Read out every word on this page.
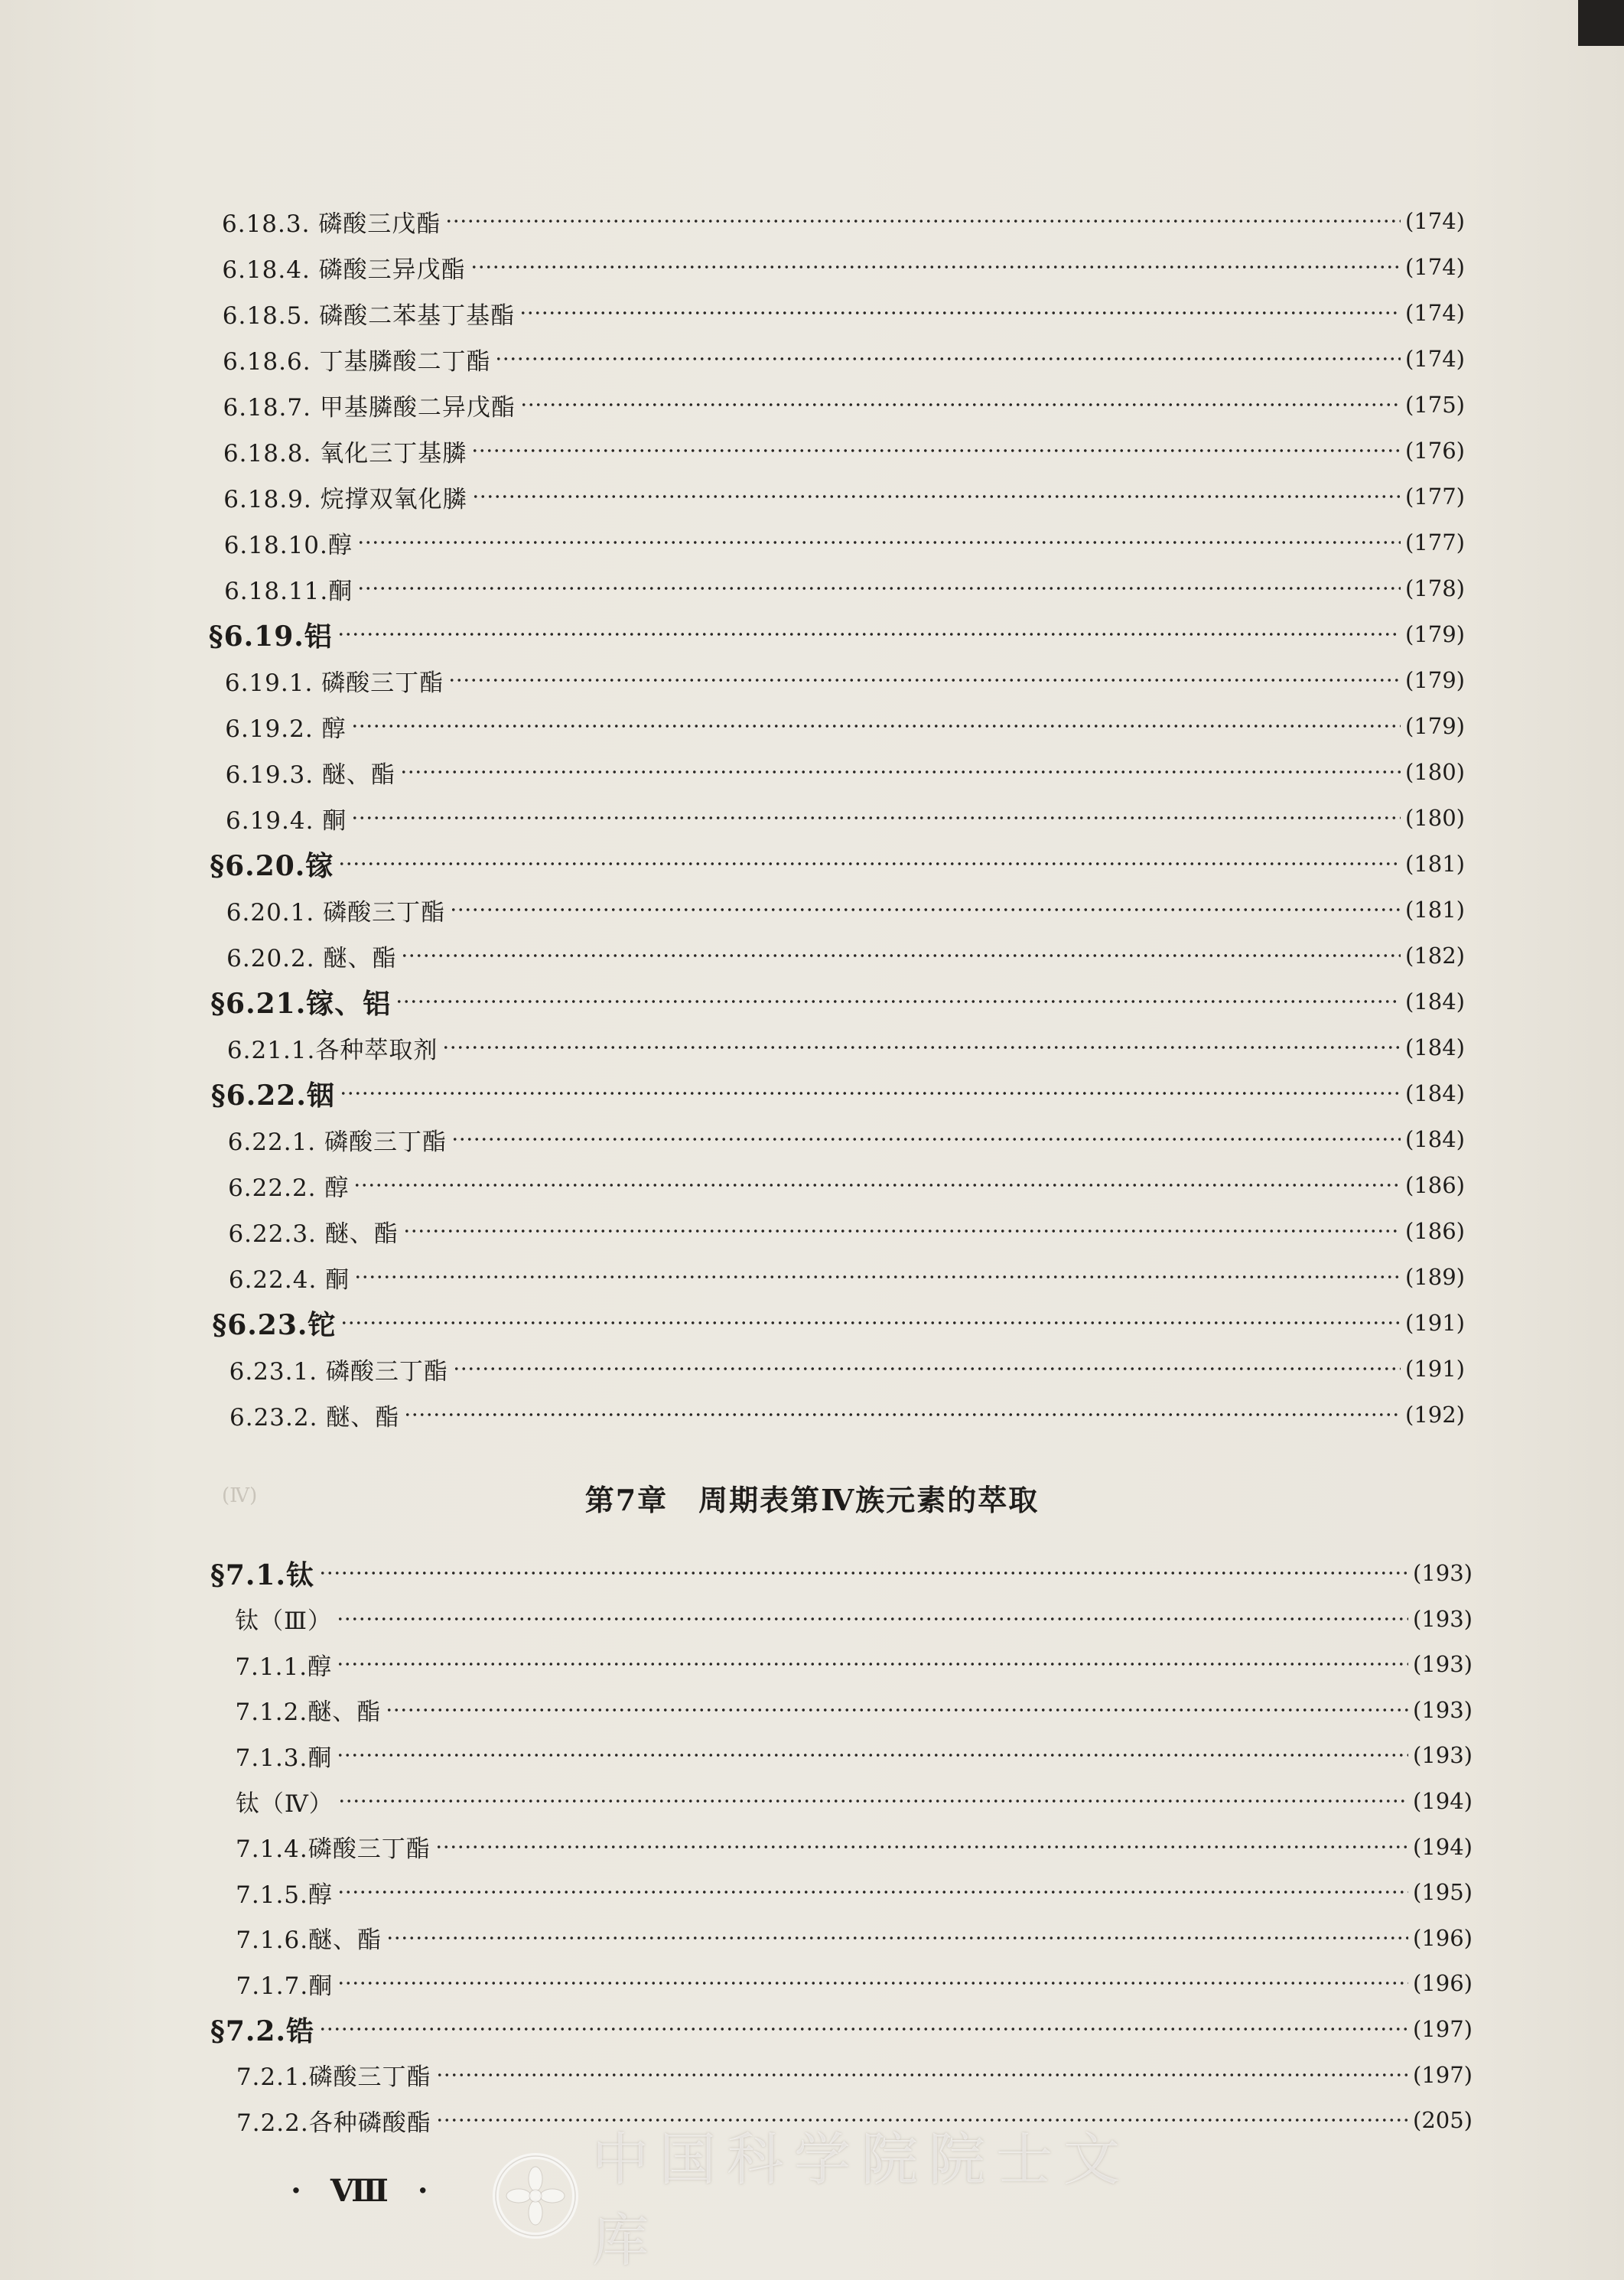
6.18.3. 磷酸三戊酯	(174)
6.18.4. 磷酸三异戊酯	(174)
6.18.5. 磷酸二苯基丁基酯	(174)
6.18.6. 丁基膦酸二丁酯	(174)
6.18.7. 甲基膦酸二异戊酯	(175)
6.18.8. 氧化三丁基膦	(176)
6.18.9. 烷撑双氧化膦	(177)
6.18.10.醇	(177)
6.18.11.酮	(178)
§6.19.铝	(179)
6.19.1. 磷酸三丁酯	(179)
6.19.2. 醇	(179)
6.19.3. 醚、酯	(180)
6.19.4. 酮	(180)
§6.20.镓	(181)
6.20.1. 磷酸三丁酯	(181)
6.20.2. 醚、酯	(182)
§6.21.镓、铝	(184)
6.21.1.各种萃取剂	(184)
§6.22.铟	(184)
6.22.1. 磷酸三丁酯	(184)
6.22.2. 醇	(186)
6.22.3. 醚、酯	(186)
6.22.4. 酮	(189)
§6.23.铊	(191)
6.23.1. 磷酸三丁酯	(191)
6.23.2. 醚、酯	(192)
§7.1.钛	(193)
钛（Ⅲ）	(193)
7.1.1.醇	(193)
7.1.2.醚、酯	(193)
7.1.3.酮	(193)
钛（Ⅳ）	(194)
7.1.4.磷酸三丁酯	(194)
7.1.5.醇	(195)
7.1.6.醚、酯	(196)
7.1.7.酮	(196)
§7.2.锆	(197)
7.2.1.磷酸三丁酯	(197)
7.2.2.各种磷酸酯	(205)
(Ⅳ)	第7章　周期表第Ⅳ族元素的萃取
· Ⅷ ·	中国科学院院士文库
